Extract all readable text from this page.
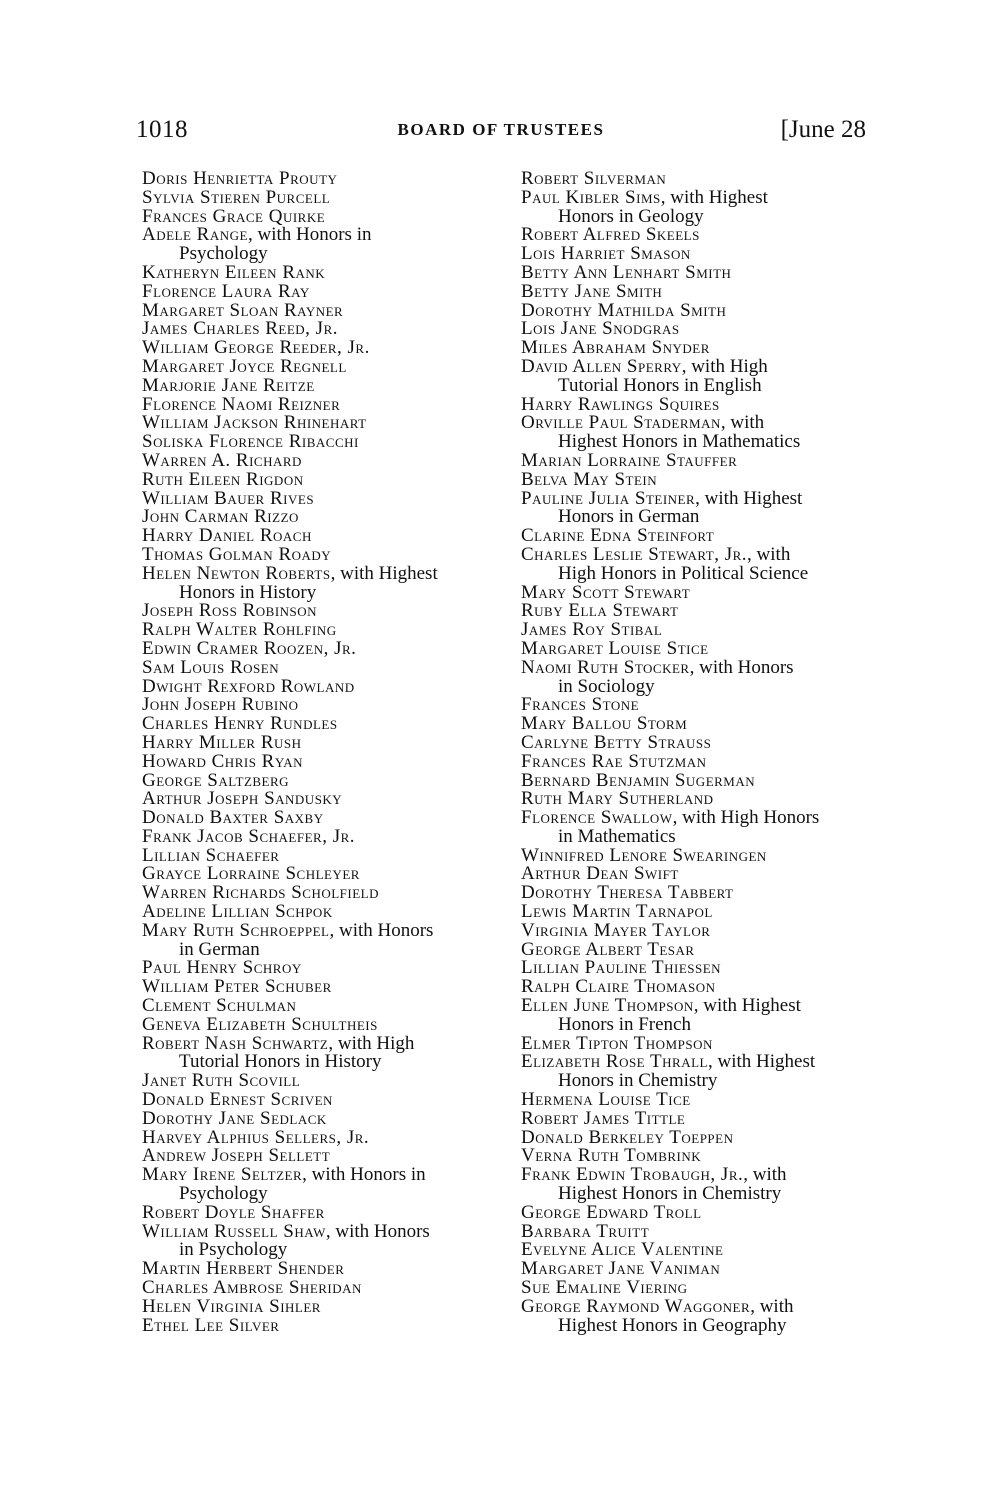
1018	BOARD OF TRUSTEES	[June 28
Doris Henrietta Prouty
Sylvia Stieren Purcell
Frances Grace Quirke
Adele Range, with Honors in
Psychology
Katheryn Eileen Rank
Florence Laura Ray
Margaret Sloan Rayner
James Charles Reed, Jr.
William George Reeder, Jr.
Margaret Joyce Regnell
Marjorie Jane Reitze
Florence Naomi Reizner
William Jackson Rhinehart
Soliska Florence Ribacchi
Warren A. Richard
Ruth Eileen Rigdon
William Bauer Rives
John Carman Rizzo
Harry Daniel Roach
Thomas Golman Roady
Helen Newton Roberts, with Highest
Honors in History
Joseph Ross Robinson
Ralph Walter Rohlfing
Edwin Cramer Roozen, Jr.
Sam Louis Rosen
Dwight Rexford Rowland
John Joseph Rubino
Charles Henry Rundles
Harry Miller Rush
Howard Chris Ryan
George Saltzberg
Arthur Joseph Sandusky
Donald Baxter Saxby
Frank Jacob Schaefer, Jr.
Lillian Schaefer
Grayce Lorraine Schleyer
Warren Richards Scholfield
Adeline Lillian Schpok
Mary Ruth Schroeppel, with Honors
in German
Paul Henry Schroy
William Peter Schuber
Clement Schulman
Geneva Elizabeth Schultheis
Robert Nash Schwartz, with High
Tutorial Honors in History
Janet Ruth Scovill
Donald Ernest Scriven
Dorothy Jane Sedlack
Harvey Alphius Sellers, Jr.
Andrew Joseph Sellett
Mary Irene Seltzer, with Honors in
Psychology
Robert Doyle Shaffer
William Russell Shaw, with Honors
in Psychology
Martin Herbert Shender
Charles Ambrose Sheridan
Helen Virginia Sihler
Ethel Lee Silver
Robert Silverman
Paul Kibler Sims, with Highest
Honors in Geology
Robert Alfred Skeels
Lois Harriet Smason
Betty Ann Lenhart Smith
Betty Jane Smith
Dorothy Mathilda Smith
Lois Jane Snodgras
Miles Abraham Snyder
David Allen Sperry, with High
Tutorial Honors in English
Harry Rawlings Squires
Orville Paul Staderman, with
Highest Honors in Mathematics
Marian Lorraine Stauffer
Belva May Stein
Pauline Julia Steiner, with Highest
Honors in German
Clarine Edna Steinfort
Charles Leslie Stewart, Jr., with
High Honors in Political Science
Mary Scott Stewart
Ruby Ella Stewart
James Roy Stibal
Margaret Louise Stice
Naomi Ruth Stocker, with Honors
in Sociology
Frances Stone
Mary Ballou Storm
Carlyne Betty Strauss
Frances Rae Stutzman
Bernard Benjamin Sugerman
Ruth Mary Sutherland
Florence Swallow, with High Honors
in Mathematics
Winnifred Lenore Swearingen
Arthur Dean Swift
Dorothy Theresa Tabbert
Lewis Martin Tarnapol
Virginia Mayer Taylor
George Albert Tesar
Lillian Pauline Thiessen
Ralph Claire Thomason
Ellen June Thompson, with Highest
Honors in French
Elmer Tipton Thompson
Elizabeth Rose Thrall, with Highest
Honors in Chemistry
Hermena Louise Tice
Robert James Tittle
Donald Berkeley Toeppen
Verna Ruth Tombrink
Frank Edwin Trobaugh, Jr., with
Highest Honors in Chemistry
George Edward Troll
Barbara Truitt
Evelyne Alice Valentine
Margaret Jane Vaniman
Sue Emaline Viering
George Raymond Waggoner, with
Highest Honors in Geography
